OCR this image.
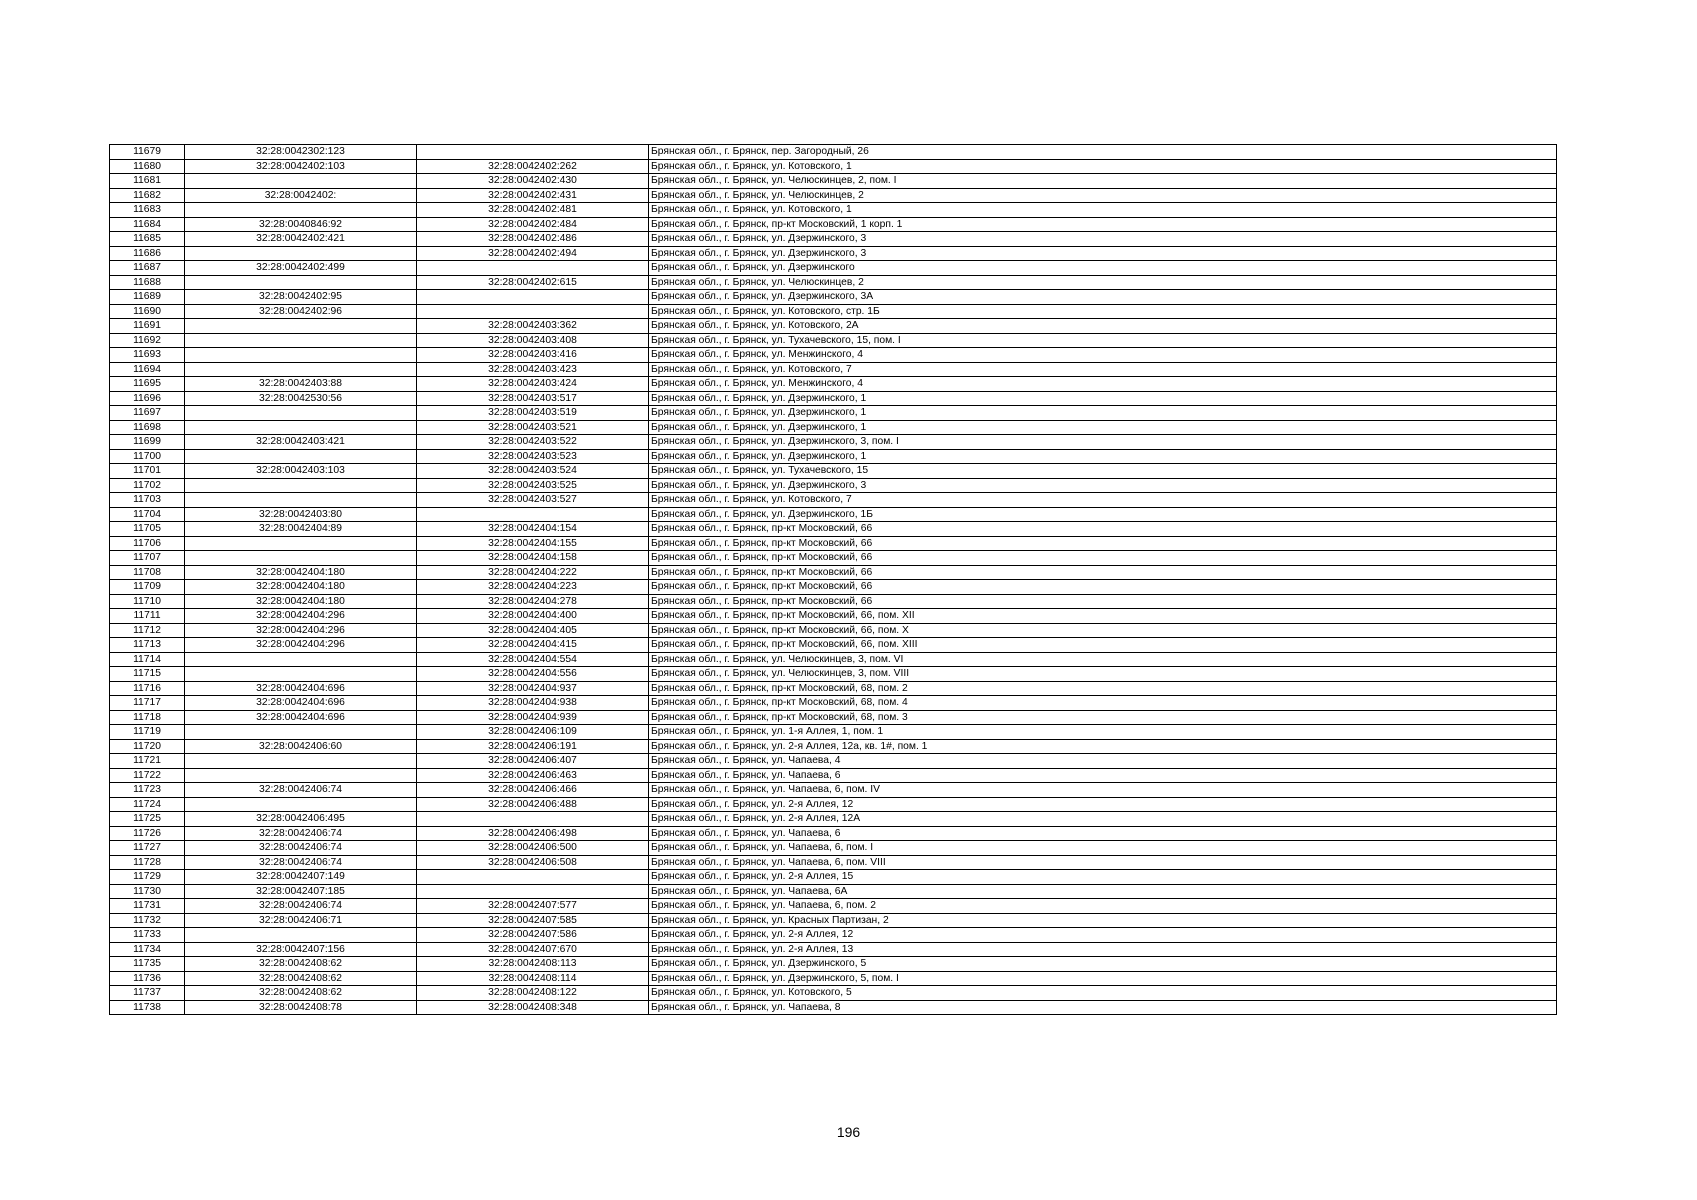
11679	32:28:0042302:123		Брянская обл., г. Брянск, пер. Загородный, 26
11680	32:28:0042402:103	32:28:0042402:262	Брянская обл., г. Брянск, ул. Котовского, 1
11681		32:28:0042402:430	Брянская обл., г. Брянск, ул. Челюскинцев, 2, пом. I
11682	32:28:0042402:	32:28:0042402:431	Брянская обл., г. Брянск, ул. Челюскинцев, 2
11683		32:28:0042402:481	Брянская обл., г. Брянск, ул. Котовского, 1
11684	32:28:0040846:92	32:28:0042402:484	Брянская обл., г. Брянск, пр-кт Московский, 1 корп. 1
11685	32:28:0042402:421	32:28:0042402:486	Брянская обл., г. Брянск, ул. Дзержинского, 3
11686		32:28:0042402:494	Брянская обл., г. Брянск, ул. Дзержинского, 3
11687	32:28:0042402:499		Брянская обл., г. Брянск, ул. Дзержинского
11688		32:28:0042402:615	Брянская обл., г. Брянск, ул. Челюскинцев, 2
11689	32:28:0042402:95		Брянская обл., г. Брянск, ул. Дзержинского, 3А
11690	32:28:0042402:96		Брянская обл., г. Брянск, ул. Котовского, стр. 1Б
11691		32:28:0042403:362	Брянская обл., г. Брянск, ул. Котовского, 2А
11692		32:28:0042403:408	Брянская обл., г. Брянск, ул. Тухачевского, 15, пом. I
11693		32:28:0042403:416	Брянская обл., г. Брянск, ул. Менжинского, 4
11694		32:28:0042403:423	Брянская обл., г. Брянск, ул. Котовского, 7
11695	32:28:0042403:88	32:28:0042403:424	Брянская обл., г. Брянск, ул. Менжинского, 4
11696	32:28:0042530:56	32:28:0042403:517	Брянская обл., г. Брянск, ул. Дзержинского, 1
11697		32:28:0042403:519	Брянская обл., г. Брянск, ул. Дзержинского, 1
11698		32:28:0042403:521	Брянская обл., г. Брянск, ул. Дзержинского, 1
11699	32:28:0042403:421	32:28:0042403:522	Брянская обл., г. Брянск, ул. Дзержинского, 3, пом. I
11700		32:28:0042403:523	Брянская обл., г. Брянск, ул. Дзержинского, 1
11701	32:28:0042403:103	32:28:0042403:524	Брянская обл., г. Брянск, ул. Тухачевского, 15
11702		32:28:0042403:525	Брянская обл., г. Брянск, ул. Дзержинского, 3
11703		32:28:0042403:527	Брянская обл., г. Брянск, ул. Котовского, 7
11704	32:28:0042403:80		Брянская обл., г. Брянск, ул. Дзержинского, 1Б
11705	32:28:0042404:89	32:28:0042404:154	Брянская обл., г. Брянск, пр-кт Московский, 66
11706		32:28:0042404:155	Брянская обл., г. Брянск, пр-кт Московский, 66
11707		32:28:0042404:158	Брянская обл., г. Брянск, пр-кт Московский, 66
11708	32:28:0042404:180	32:28:0042404:222	Брянская обл., г. Брянск, пр-кт Московский, 66
11709	32:28:0042404:180	32:28:0042404:223	Брянская обл., г. Брянск, пр-кт Московский, 66
11710	32:28:0042404:180	32:28:0042404:278	Брянская обл., г. Брянск, пр-кт Московский, 66
11711	32:28:0042404:296	32:28:0042404:400	Брянская обл., г. Брянск, пр-кт Московский, 66, пом. XII
11712	32:28:0042404:296	32:28:0042404:405	Брянская обл., г. Брянск, пр-кт Московский, 66, пом. X
11713	32:28:0042404:296	32:28:0042404:415	Брянская обл., г. Брянск, пр-кт Московский, 66, пом. XIII
11714		32:28:0042404:554	Брянская обл., г. Брянск, ул. Челюскинцев, 3, пом. VI
11715		32:28:0042404:556	Брянская обл., г. Брянск, ул. Челюскинцев, 3, пом. VIII
11716	32:28:0042404:696	32:28:0042404:937	Брянская обл., г. Брянск, пр-кт Московский, 68, пом. 2
11717	32:28:0042404:696	32:28:0042404:938	Брянская обл., г. Брянск, пр-кт Московский, 68, пом. 4
11718	32:28:0042404:696	32:28:0042404:939	Брянская обл., г. Брянск, пр-кт Московский, 68, пом. 3
11719		32:28:0042406:109	Брянская обл., г. Брянск, ул. 1-я Аллея, 1, пом. 1
11720	32:28:0042406:60	32:28:0042406:191	Брянская обл., г. Брянск, ул. 2-я Аллея, 12а, кв. 1#, пом. 1
11721		32:28:0042406:407	Брянская обл., г. Брянск, ул. Чапаева, 4
11722		32:28:0042406:463	Брянская обл., г. Брянск, ул. Чапаева, 6
11723	32:28:0042406:74	32:28:0042406:466	Брянская обл., г. Брянск, ул. Чапаева, 6, пом. IV
11724		32:28:0042406:488	Брянская обл., г. Брянск, ул. 2-я Аллея, 12
11725	32:28:0042406:495		Брянская обл., г. Брянск, ул. 2-я Аллея, 12А
11726	32:28:0042406:74	32:28:0042406:498	Брянская обл., г. Брянск, ул. Чапаева, 6
11727	32:28:0042406:74	32:28:0042406:500	Брянская обл., г. Брянск, ул. Чапаева, 6, пом. I
11728	32:28:0042406:74	32:28:0042406:508	Брянская обл., г. Брянск, ул. Чапаева, 6, пом. VIII
11729	32:28:0042407:149		Брянская обл., г. Брянск, ул. 2-я Аллея, 15
11730	32:28:0042407:185		Брянская обл., г. Брянск, ул. Чапаева, 6А
11731	32:28:0042406:74	32:28:0042407:577	Брянская обл., г. Брянск, ул. Чапаева, 6, пом. 2
11732	32:28:0042406:71	32:28:0042407:585	Брянская обл., г. Брянск, ул. Красных Партизан, 2
11733		32:28:0042407:586	Брянская обл., г. Брянск, ул. 2-я Аллея, 12
11734	32:28:0042407:156	32:28:0042407:670	Брянская обл., г. Брянск, ул. 2-я Аллея, 13
11735	32:28:0042408:62	32:28:0042408:113	Брянская обл., г. Брянск, ул. Дзержинского, 5
11736	32:28:0042408:62	32:28:0042408:114	Брянская обл., г. Брянск, ул. Дзержинского, 5, пом. I
11737	32:28:0042408:62	32:28:0042408:122	Брянская обл., г. Брянск, ул. Котовского, 5
11738	32:28:0042408:78	32:28:0042408:348	Брянская обл., г. Брянск, ул. Чапаева, 8
196
